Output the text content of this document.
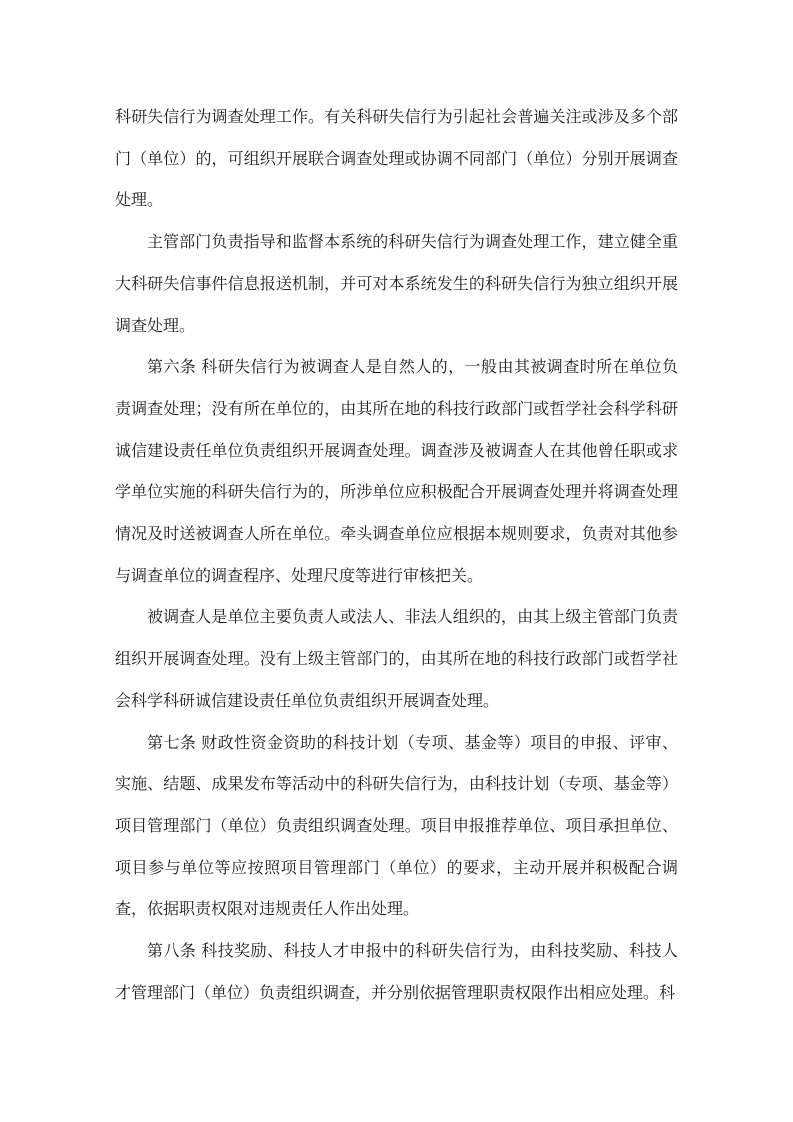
科研失信行为调查处理工作。有关科研失信行为引起社会普遍关注或涉及多个部门（单位）的，可组织开展联合调查处理或协调不同部门（单位）分别开展调查处理。

主管部门负责指导和监督本系统的科研失信行为调查处理工作，建立健全重大科研失信事件信息报送机制，并可对本系统发生的科研失信行为独立组织开展调查处理。

第六条 科研失信行为被调查人是自然人的，一般由其被调查时所在单位负责调查处理；没有所在单位的，由其所在地的科技行政部门或哲学社会科学科研诚信建设责任单位负责组织开展调查处理。调查涉及被调查人在其他曾任职或求学单位实施的科研失信行为的，所涉单位应积极配合开展调查处理并将调查处理情况及时送被调查人所在单位。牵头调查单位应根据本规则要求，负责对其他参与调查单位的调查程序、处理尺度等进行审核把关。

被调查人是单位主要负责人或法人、非法人组织的，由其上级主管部门负责组织开展调查处理。没有上级主管部门的，由其所在地的科技行政部门或哲学社会科学科研诚信建设责任单位负责组织开展调查处理。

第七条 财政性资金资助的科技计划（专项、基金等）项目的申报、评审、实施、结题、成果发布等活动中的科研失信行为，由科技计划（专项、基金等）项目管理部门（单位）负责组织调查处理。项目申报推荐单位、项目承担单位、项目参与单位等应按照项目管理部门（单位）的要求，主动开展并积极配合调查，依据职责权限对违规责任人作出处理。

第八条 科技奖励、科技人才申报中的科研失信行为，由科技奖励、科技人才管理部门（单位）负责组织调查，并分别依据管理职责权限作出相应处理。科
